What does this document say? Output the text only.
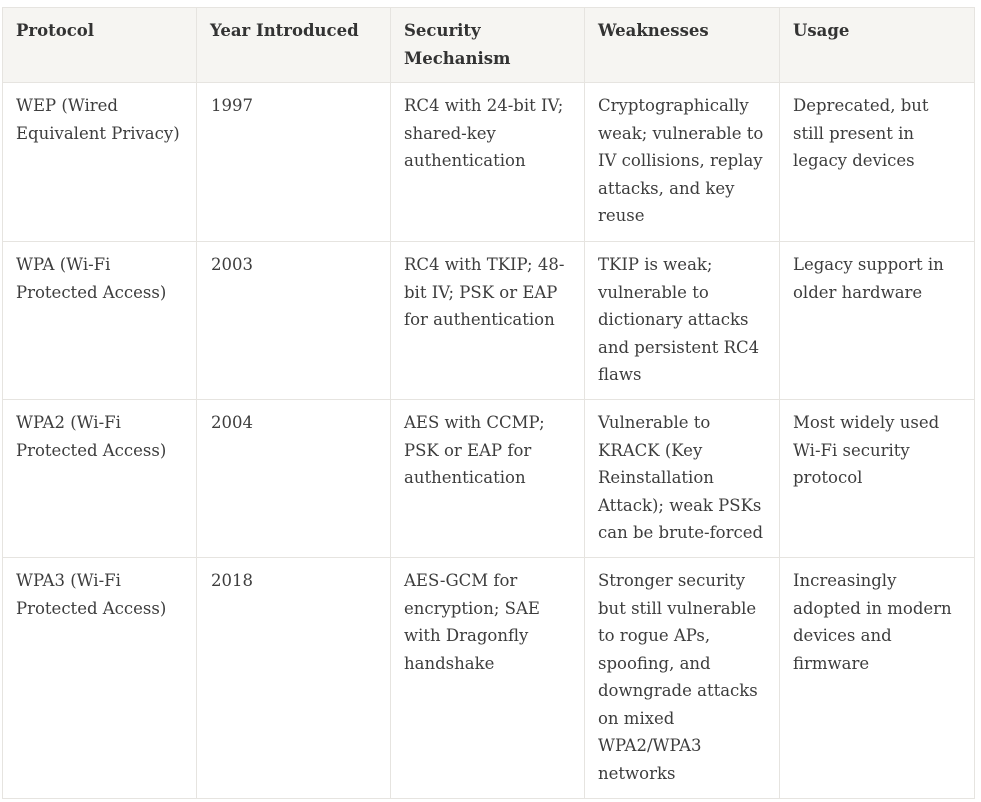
Protocol	Year Introduced	Security Mechanism	Weaknesses	Usage
WEP (Wired Equivalent Privacy)	1997	RC4 with 24-bit IV; shared-key authentication	Cryptographically weak; vulnerable to IV collisions, replay attacks, and key reuse	Deprecated, but still present in legacy devices
WPA (Wi-Fi Protected Access)	2003	RC4 with TKIP; 48-bit IV; PSK or EAP for authentication	TKIP is weak; vulnerable to dictionary attacks and persistent RC4 flaws	Legacy support in older hardware
WPA2 (Wi-Fi Protected Access)	2004	AES with CCMP; PSK or EAP for authentication	Vulnerable to KRACK (Key Reinstallation Attack); weak PSKs can be brute-forced	Most widely used Wi-Fi security protocol
WPA3 (Wi-Fi Protected Access)	2018	AES-GCM for encryption; SAE with Dragonfly handshake	Stronger security but still vulnerable to rogue APs, spoofing, and downgrade attacks on mixed WPA2/WPA3 networks	Increasingly adopted in modern devices and firmware
